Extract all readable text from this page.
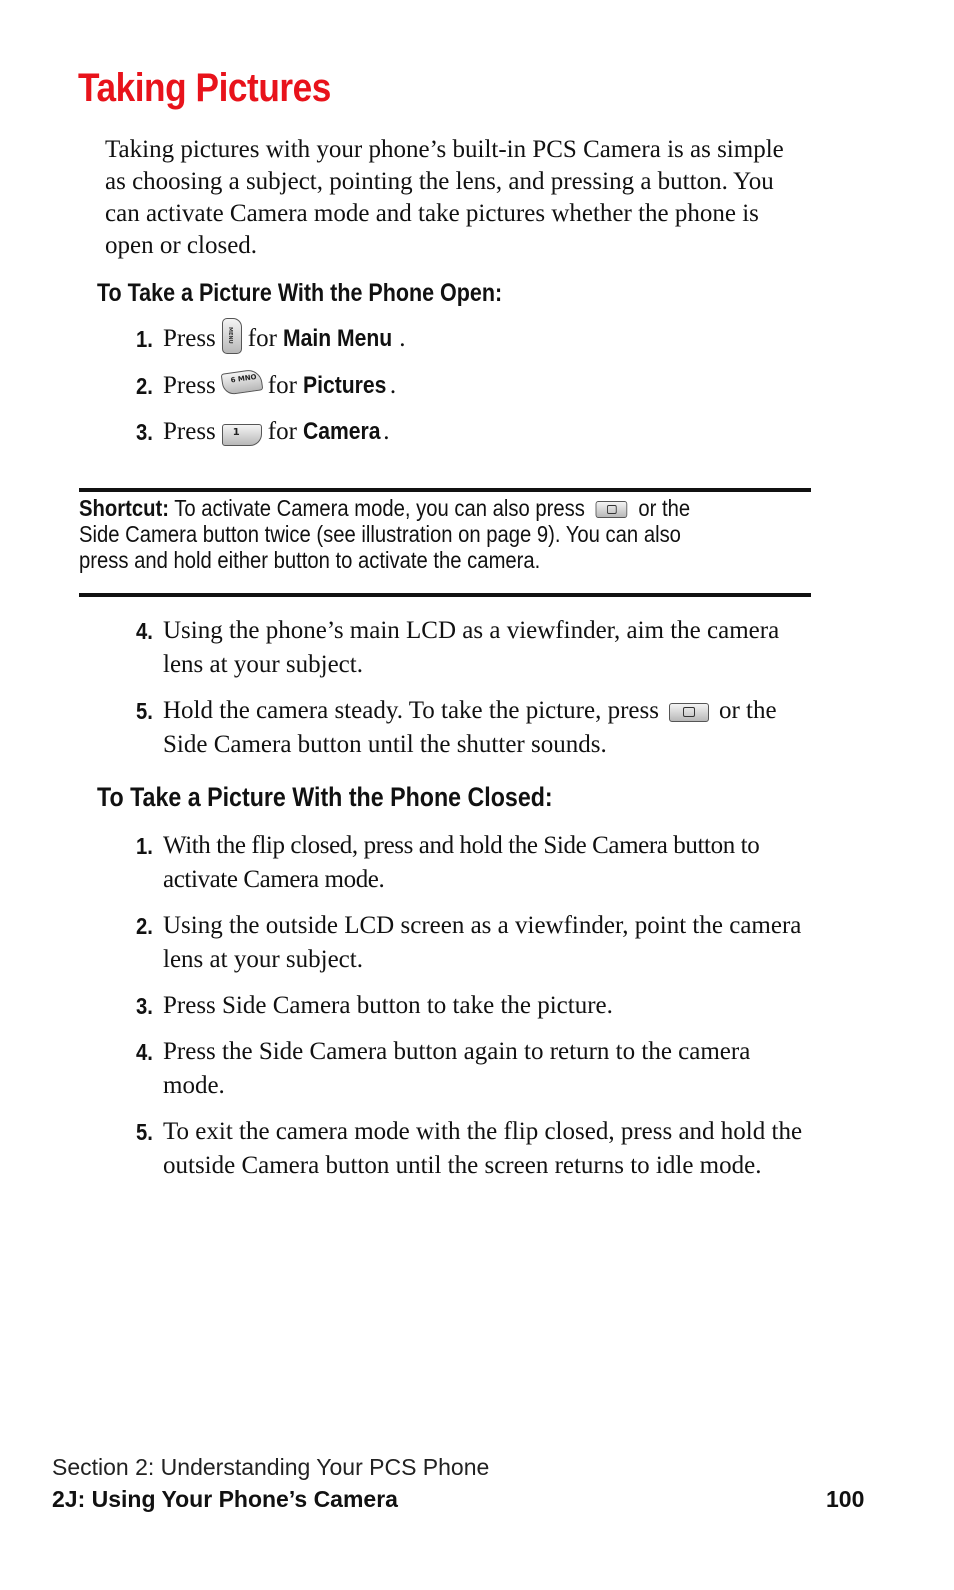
Taking Pictures

Taking pictures with your phone’s built-in PCS Camera is as simple as choosing a subject, pointing the lens, and pressing a button. You can activate Camera mode and take pictures whether the phone is open or closed.

To Take a Picture With the Phone Open:
1. Press MENU for Main Menu .
2. Press 6 MNO for Pictures .
3. Press 1 for Camera .

Shortcut: To activate Camera mode, you can also press or the Side Camera button twice (see illustration on page 9). You can also press and hold either button to activate the camera.

4. Using the phone’s main LCD as a viewfinder, aim the camera lens at your subject.
5. Hold the camera steady. To take the picture, press or the Side Camera button until the shutter sounds.
To Take a Picture With the Phone Closed:
1. With the flip closed, press and hold the Side Camera button to activate Camera mode.
2. Using the outside LCD screen as a viewfinder, point the camera lens at your subject.
3. Press Side Camera button to take the picture.
4. Press the Side Camera button again to return to the camera mode.
5. To exit the camera mode with the flip closed, press and hold the outside Camera button until the screen returns to idle mode.

Section 2: Understanding Your PCS Phone

2J: Using Your Phone’s Camera	100
